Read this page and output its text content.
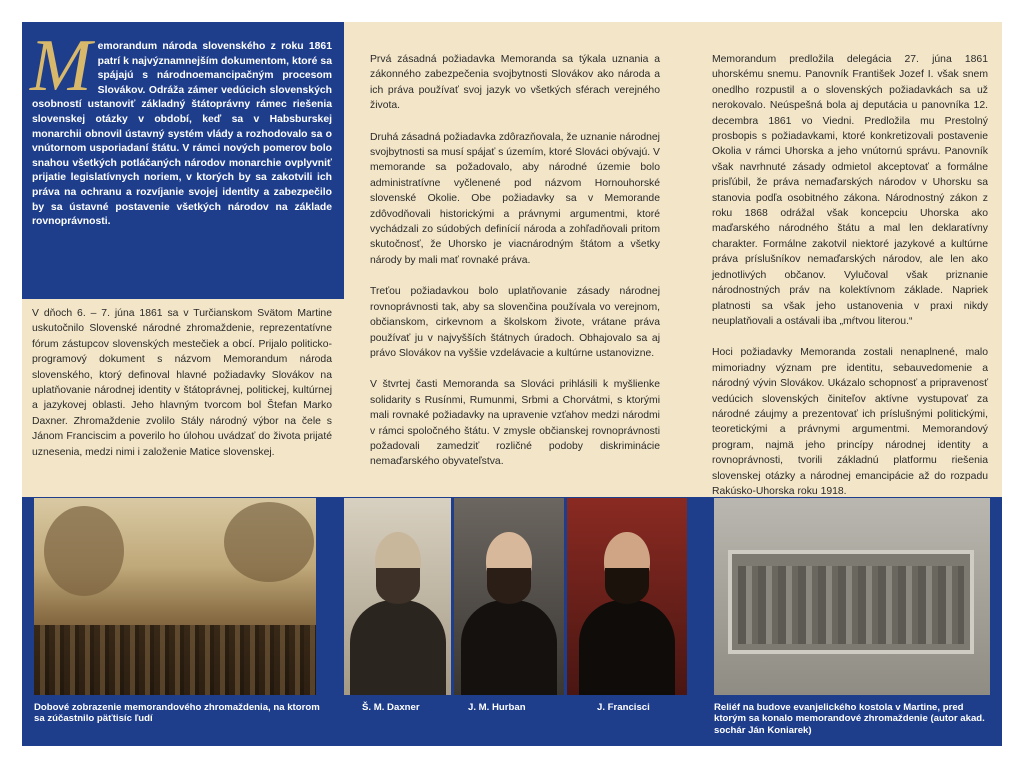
Memorandum národa slovenského z roku 1861 patrí k najvýznamnejším dokumentom, ktoré sa spájajú s národnoemancipačným procesom Slovákov. Odráža zámer vedúcich slovenských osobností ustanoviť základný štátoprávny rámec riešenia slovenskej otázky v období, keď sa v Habsburskej monarchii obnovil ústavný systém vlády a rozhodovalo sa o vnútornom usporiadaní štátu. V rámci nových pomerov bolo snahou všetkých potláčaných národov monarchie ovplyvniť prijatie legislatívnych noriem, v ktorých by sa zakotvili ich práva na ochranu a rozvíjanie svojej identity a zabezpečilo by sa ústavné postavenie všetkých národov na základe rovnoprávnosti.

V dňoch 6. – 7. júna 1861 sa v Turčianskom Svätom Martine uskutočnilo Slovenské národné zhromaždenie, reprezentatívne fórum zástupcov slovenských mestečiek a obcí. Prijalo politicko-programový dokument s názvom Memorandum národa slovenského, ktorý definoval hlavné požiadavky Slovákov na uplatňovanie národnej identity v štátoprávnej, politickej, kultúrnej a jazykovej oblasti. Jeho hlavným tvorcom bol Štefan Marko Daxner. Zhromaždenie zvolilo Stály národný výbor na čele s Jánom Franciscim a poverilo ho úlohou uvádzať do života prijaté uznesenia, medzi nimi i založenie Matice slovenskej.

Prvá zásadná požiadavka Memoranda sa týkala uznania a zákonného zabezpečenia svojbytnosti Slovákov ako národa a ich práva používať svoj jazyk vo všetkých sférach verejného života.

Druhá zásadná požiadavka zdôrazňovala, že uznanie národnej svojbytnosti sa musí spájať s územím, ktoré Slováci obývajú. V memorande sa požadovalo, aby národné územie bolo administratívne vyčlenené pod názvom Hornouhorské slovenské Okolie. Obe požiadavky sa v Memorande zdôvodňovali historickými a právnymi argumentmi, ktoré vychádzali zo súdobých definícií národa a zohľadňovali pritom skutočnosť, že Uhorsko je viacnárodným štátom a všetky národy by mali mať rovnaké práva.

Treťou požiadavkou bolo uplatňovanie zásady národnej rovnoprávnosti tak, aby sa slovenčina používala vo verejnom, občianskom, cirkevnom a školskom živote, vrátane práva používať ju v najvyšších štátnych úradoch. Obhajovalo sa aj právo Slovákov na vyššie vzdelávacie a kultúrne ustanovizne.

V štvrtej časti Memoranda sa Slováci prihlásili k myšlienke solidarity s Rusínmi, Rumunmi, Srbmi a Chorvátmi, s ktorými mali rovnaké požiadavky na upravenie vzťahov medzi národmi v rámci spoločného štátu. V zmysle občianskej rovnoprávnosti požadovali zamedziť rozličné podoby diskriminácie nemaďarského obyvateľstva.

Memorandum predložila delegácia 27. júna 1861 uhorskému snemu. Panovník František Jozef I. však snem onedlho rozpustil a o slovenských požiadavkách sa už nerokovalo. Neúspešná bola aj deputácia u panovníka 12. decembra 1861 vo Viedni. Predložila mu Prestolný prosbopis s požiadavkami, ktoré konkretizovali postavenie Okolia v rámci Uhorska a jeho vnútornú správu. Panovník však navrhnuté zásady odmietol akceptovať a formálne prisľúbil, že práva nemaďarských národov v Uhorsku sa stanovia podľa osobitného zákona. Národnostný zákon z roku 1868 odrážal však koncepciu Uhorska ako maďarského národného štátu a mal len deklaratívny charakter. Formálne zakotvil niektoré jazykové a kultúrne práva príslušníkov nemaďarských národov, ale len ako jednotlivých občanov. Vylučoval však priznanie národnostných práv na kolektívnom základe. Napriek platnosti sa však jeho ustanovenia v praxi nikdy neuplatňovali a ostávali iba „mŕtvou literou.“

Hoci požiadavky Memoranda zostali nenaplnené, malo mimoriadny význam pre identitu, sebauvedomenie a národný vývin Slovákov. Ukázalo schopnosť a pripravenosť vedúcich slovenských činiteľov aktívne vystupovať za národné záujmy a prezentovať ich príslušnými politickými, teoretickými a právnymi argumentmi. Memorandový program, najmä jeho princípy národnej identity a rovnoprávnosti, tvorili základnú platformu riešenia slovenskej otázky a národnej emancipácie až do rozpadu Rakúsko-Uhorska roku 1918.

Dobové zobrazenie memorandového zhromaždenia, na ktorom sa zúčastnilo päťtisíc ľudí

Š. M. Daxner	J. M. Hurban	J. Francisci	Reliéf na budove evanjelického kostola v Martine, pred ktorým sa konalo memorandové zhromaždenie (autor akad. sochár Ján Koniarek)
